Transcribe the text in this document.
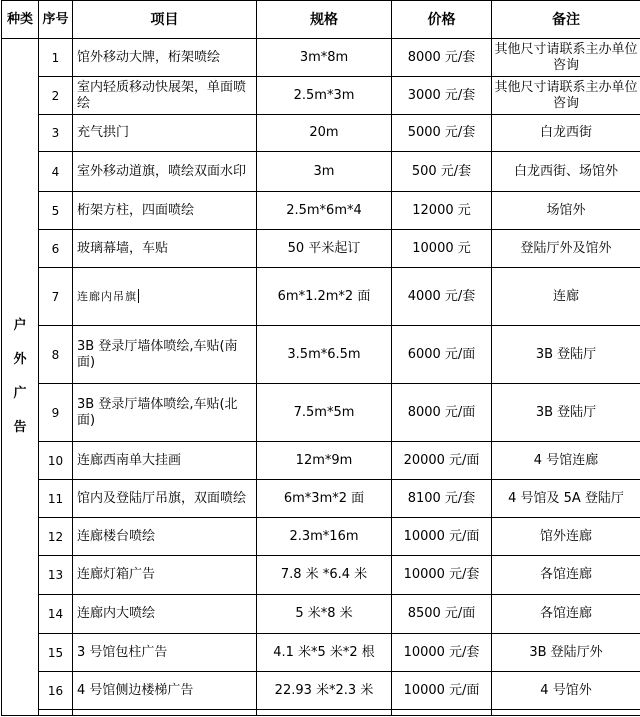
种类	序号	项目	规格	价格	备注

户
外
广
告	1	馆外移动大牌，桁架喷绘	3m*8m	8000 元/套	其他尺寸请联系主办单位咨询
	2	室内轻质移动快展架，单面喷绘	2.5m*3m	3000 元/套	其他尺寸请联系主办单位咨询
	3	充气拱门	20m	5000 元/套	白龙西街
	4	室外移动道旗，喷绘双面水印	3m	500 元/套	白龙西街、场馆外
	5	桁架方柱，四面喷绘	2.5m*6m*4	12000 元	场馆外
	6	玻璃幕墙，车贴	50 平米起订	10000 元	登陆厅外及馆外
	7	连廊内吊旗	6m*1.2m*2 面	4000 元/套	连廊
	8	3B 登录厅墙体喷绘,车贴(南面)	3.5m*6.5m	6000 元/面	3B 登陆厅
	9	3B 登录厅墙体喷绘,车贴(北面)	7.5m*5m	8000 元/面	3B 登陆厅
	10	连廊西南单大挂画	12m*9m	20000 元/面	4 号馆连廊
	11	馆内及登陆厅吊旗，双面喷绘	6m*3m*2 面	8100 元/套	4 号馆及 5A 登陆厅
	12	连廊楼台喷绘	2.3m*16m	10000 元/面	馆外连廊
	13	连廊灯箱广告	7.8 米 *6.4 米	10000 元/套	各馆连廊
	14	连廊内大喷绘	5 米*8 米	8500 元/面	各馆连廊
	15	3 号馆包柱广告	4.1 米*5 米*2 根	10000 元/套	3B 登陆厅外
	16	4 号馆侧边楼梯广告	22.93 米*2.3 米	10000 元/面	4 号馆外
